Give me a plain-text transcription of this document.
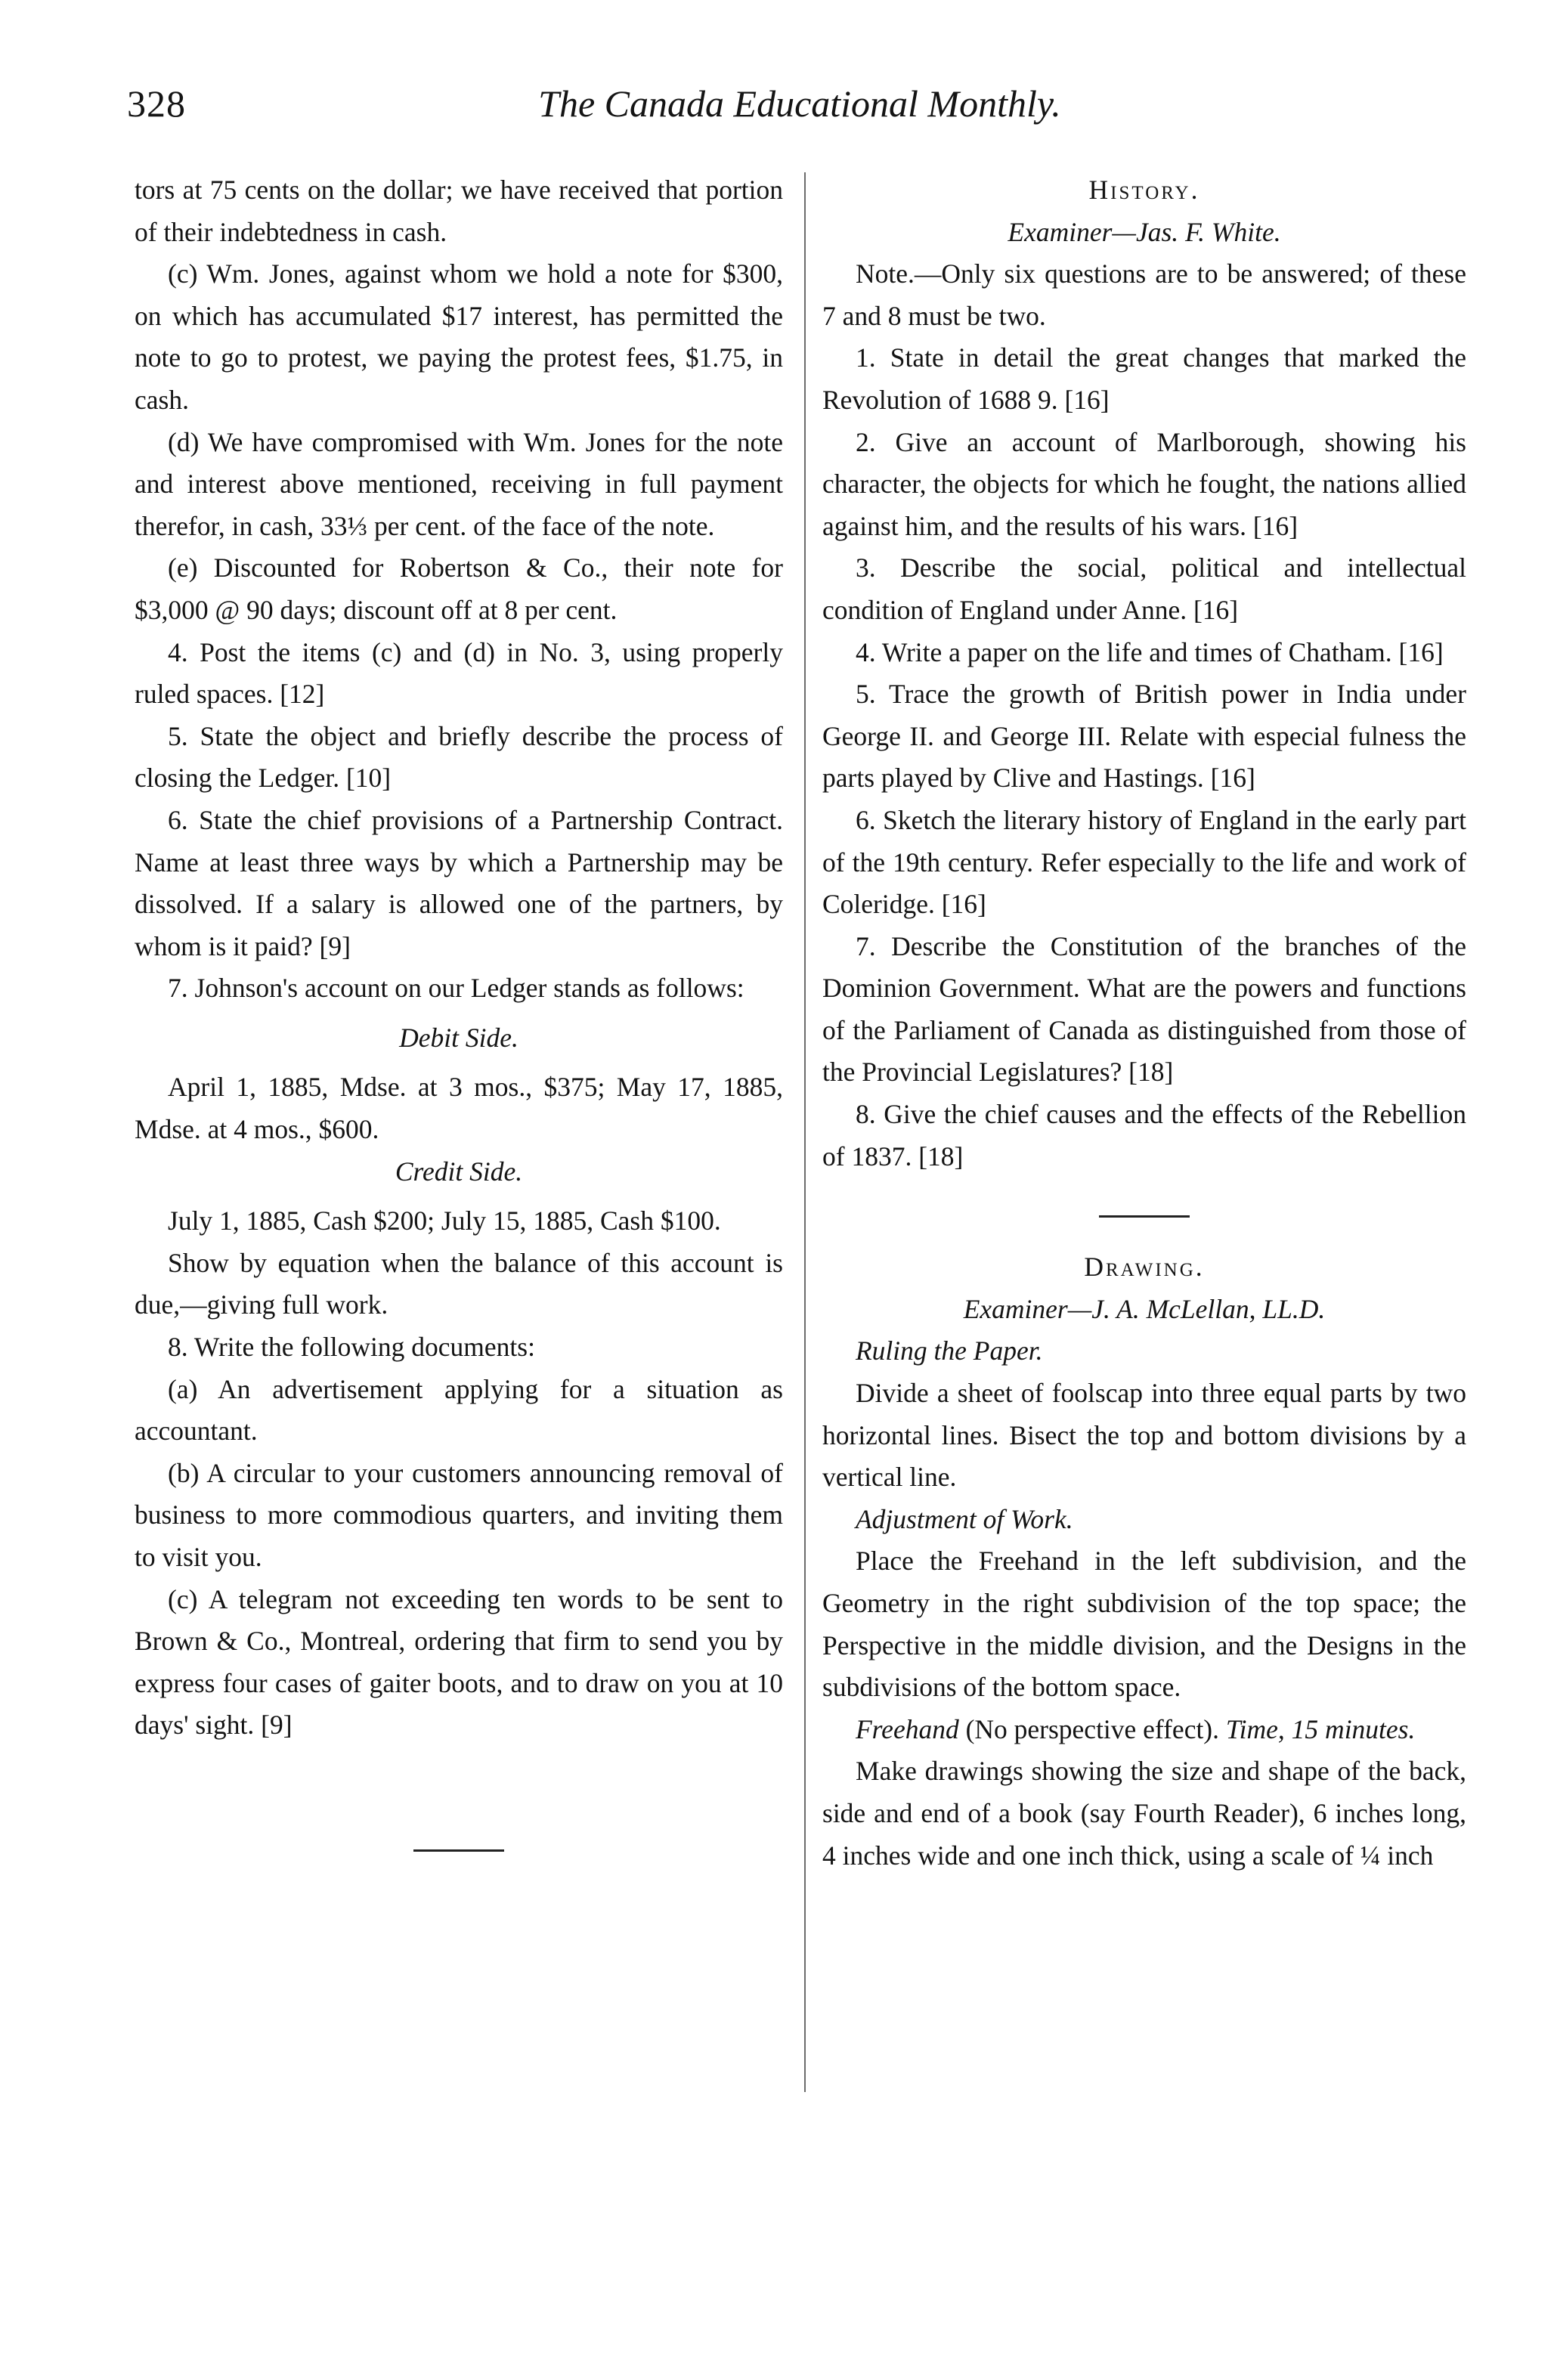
328	The Canada Educational Monthly.

tors at 75 cents on the dollar; we have received that portion of their indebtedness in cash.

(c) Wm. Jones, against whom we hold a note for $300, on which has accumulated $17 interest, has permitted the note to go to protest, we paying the protest fees, $1.75, in cash.

(d) We have compromised with Wm. Jones for the note and interest above mentioned, receiving in full payment therefor, in cash, 33⅓ per cent. of the face of the note.

(e) Discounted for Robertson & Co., their note for $3,000 @ 90 days; discount off at 8 per cent.

4. Post the items (c) and (d) in No. 3, using properly ruled spaces. [12]

5. State the object and briefly describe the process of closing the Ledger. [10]

6. State the chief provisions of a Partnership Contract. Name at least three ways by which a Partnership may be dissolved. If a salary is allowed one of the partners, by whom is it paid? [9]

7. Johnson's account on our Ledger stands as follows:

Debit Side.

April 1, 1885, Mdse. at 3 mos., $375; May 17, 1885, Mdse. at 4 mos., $600.

Credit Side.

July 1, 1885, Cash $200; July 15, 1885, Cash $100.

Show by equation when the balance of this account is due,—giving full work.

8. Write the following documents:

(a) An advertisement applying for a situation as accountant.

(b) A circular to your customers announcing removal of business to more commodious quarters, and inviting them to visit you.

(c) A telegram not exceeding ten words to be sent to Brown & Co., Montreal, ordering that firm to send you by express four cases of gaiter boots, and to draw on you at 10 days' sight. [9]

History.

Examiner—Jas. F. White.

Note.—Only six questions are to be answered; of these 7 and 8 must be two.

1. State in detail the great changes that marked the Revolution of 1688 9. [16]

2. Give an account of Marlborough, showing his character, the objects for which he fought, the nations allied against him, and the results of his wars. [16]

3. Describe the social, political and intellectual condition of England under Anne. [16]

4. Write a paper on the life and times of Chatham. [16]

5. Trace the growth of British power in India under George II. and George III. Relate with especial fulness the parts played by Clive and Hastings. [16]

6. Sketch the literary history of England in the early part of the 19th century. Refer especially to the life and work of Coleridge. [16]

7. Describe the Constitution of the branches of the Dominion Government. What are the powers and functions of the Parliament of Canada as distinguished from those of the Provincial Legislatures? [18]

8. Give the chief causes and the effects of the Rebellion of 1837. [18]

Drawing.

Examiner—J. A. McLellan, LL.D.

Ruling the Paper.

Divide a sheet of foolscap into three equal parts by two horizontal lines. Bisect the top and bottom divisions by a vertical line.

Adjustment of Work.

Place the Freehand in the left subdivision, and the Geometry in the right subdivision of the top space; the Perspective in the middle division, and the Designs in the subdivisions of the bottom space.

Freehand (No perspective effect). Time, 15 minutes.

Make drawings showing the size and shape of the back, side and end of a book (say Fourth Reader), 6 inches long, 4 inches wide and one inch thick, using a scale of ¼ inch
